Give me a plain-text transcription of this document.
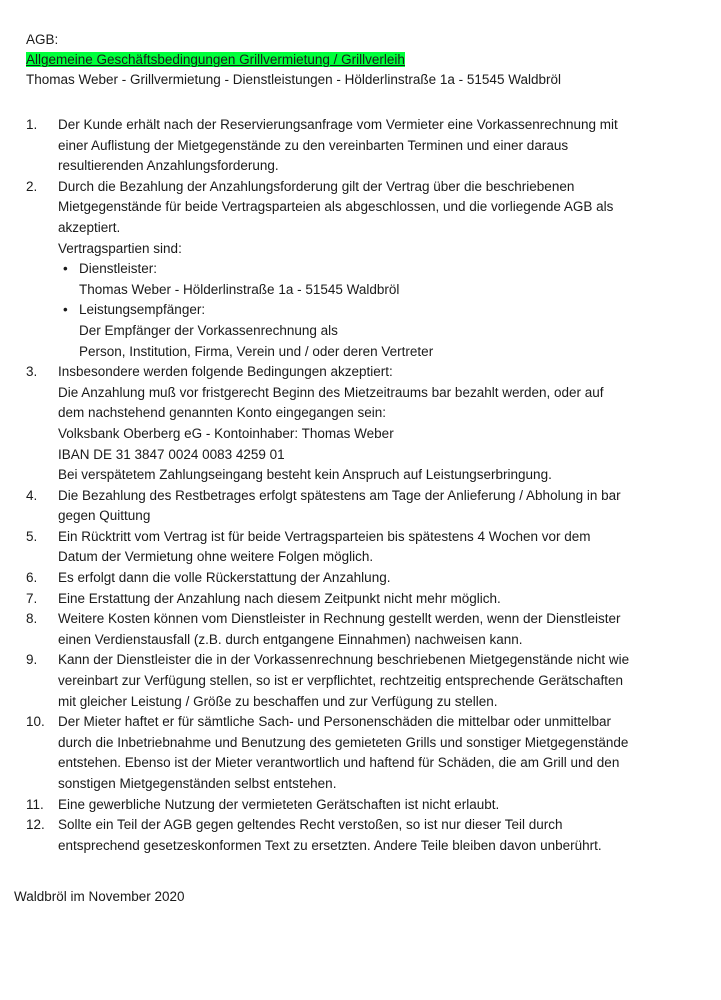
AGB:
Allgemeine Geschäftsbedingungen Grillvermietung / Grillverleih
Thomas Weber - Grillvermietung - Dienstleistungen - Hölderlinstraße 1a - 51545 Waldbröl
1. Der Kunde erhält nach der Reservierungsanfrage vom Vermieter eine Vorkassenrechnung mit
einer Auflistung der Mietgegenstände zu den vereinbarten Terminen und einer daraus
resultierenden Anzahlungsforderung.
2. Durch die Bezahlung der Anzahlungsforderung gilt der Vertrag über die beschriebenen
Mietgegenstände für beide Vertragsparteien als abgeschlossen, und die vorliegende AGB als
akzeptiert.
Vertragspartien sind:
• Dienstleister:
Thomas Weber - Hölderlinstraße 1a - 51545 Waldbröl
• Leistungsempfänger:
Der Empfänger der Vorkassenrechnung als
Person, Institution, Firma, Verein und / oder deren Vertreter
3. Insbesondere werden folgende Bedingungen akzeptiert:
Die Anzahlung muß vor fristgerecht Beginn des Mietzeitraums bar bezahlt werden, oder auf
dem nachstehend genannten Konto eingegangen sein:
Volksbank Oberberg eG - Kontoinhaber: Thomas Weber
IBAN DE 31 3847 0024 0083 4259 01
Bei verspätetem Zahlungseingang besteht kein Anspruch auf Leistungserbringung.
4. Die Bezahlung des Restbetrages erfolgt spätestens am Tage der Anlieferung / Abholung in bar
gegen Quittung
5. Ein Rücktritt vom Vertrag ist für beide Vertragsparteien bis spätestens 4 Wochen vor dem
Datum der Vermietung ohne weitere Folgen möglich.
6. Es erfolgt dann die volle Rückerstattung der Anzahlung.
7. Eine Erstattung der Anzahlung nach diesem Zeitpunkt nicht mehr möglich.
8. Weitere Kosten können vom Dienstleister in Rechnung gestellt werden, wenn der Dienstleister
einen Verdienstausfall (z.B. durch entgangene Einnahmen) nachweisen kann.
9. Kann der Dienstleister die in der Vorkassenrechnung beschriebenen Mietgegenstände nicht wie
vereinbart zur Verfügung stellen, so ist er verpflichtet, rechtzeitig entsprechende Gerätschaften
mit gleicher Leistung / Größe zu beschaffen und zur Verfügung zu stellen.
10. Der Mieter haftet er für sämtliche Sach- und Personenschäden die mittelbar oder unmittelbar
durch die Inbetriebnahme und Benutzung des gemieteten Grills und sonstiger Mietgegenstände
entstehen. Ebenso ist der Mieter verantwortlich und haftend für Schäden, die am Grill und den
sonstigen Mietgegenständen selbst entstehen.
11. Eine gewerbliche Nutzung der vermieteten Gerätschaften ist nicht erlaubt.
12. Sollte ein Teil der AGB gegen geltendes Recht verstoßen, so ist nur dieser Teil durch
entsprechend gesetzeskonformen Text zu ersetzten. Andere Teile bleiben davon unberührt.
Waldbröl im November 2020
